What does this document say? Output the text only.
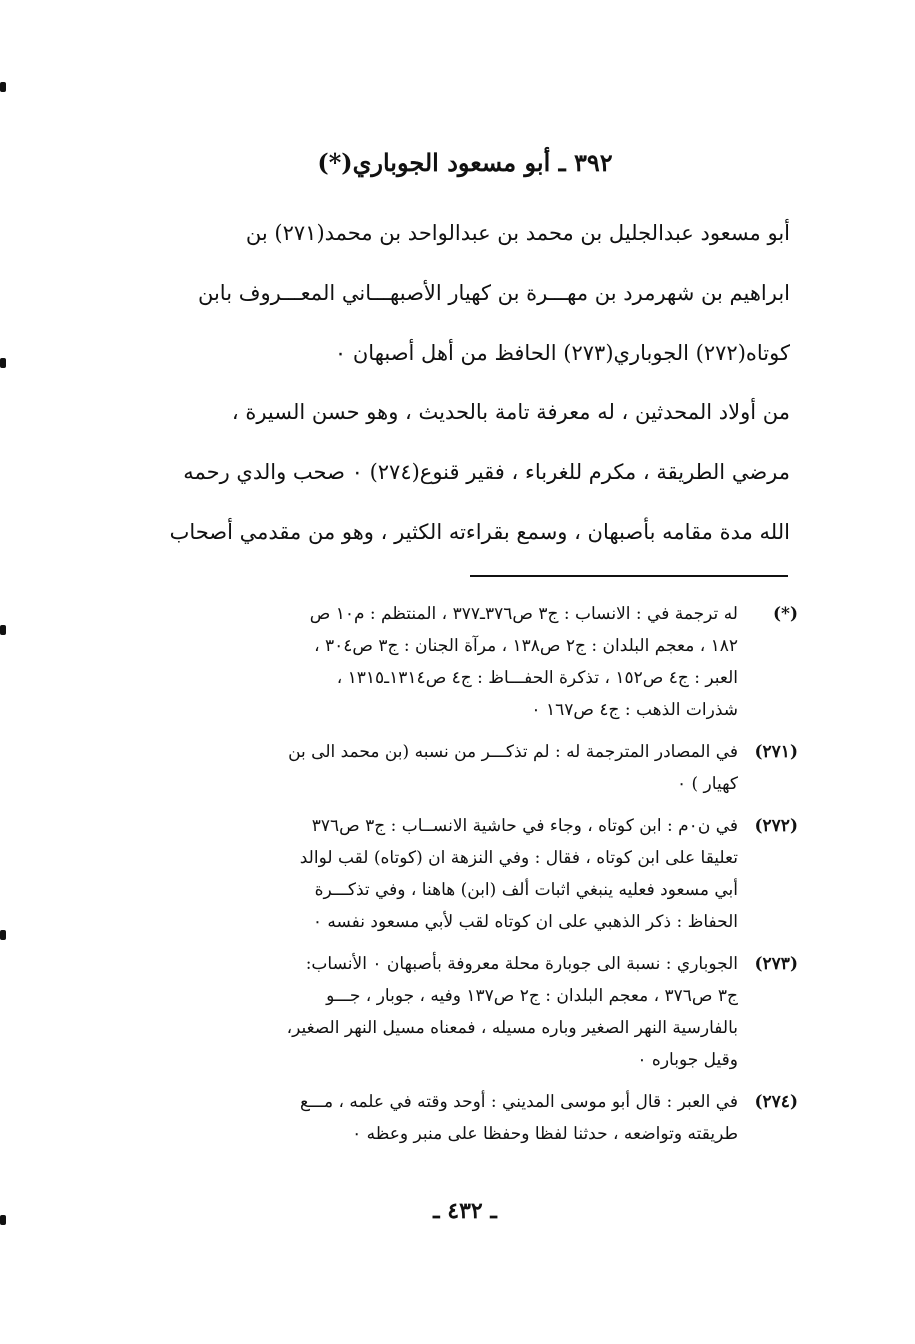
٣٩٢ ـ أبو مسعود الجوباري(*)
أبو مسعود عبدالجليل بن محمد بن عبدالواحد بن محمد(٢٧١) بن
ابراهيم بن شهرمرد بن مهـــرة بن كهيار الأصبهـــاني المعـــروف بابن
كوتاه(٢٧٢) الجوباري(٢٧٣) الحافظ من أهل أصبهان ٠
من أولاد المحدثين ، له معرفة تامة بالحديث ، وهو حسن السيرة ،
مرضي الطريقة ، مكرم للغرباء ، فقير قنوع(٢٧٤) ٠ صحب والدي رحمه
الله مدة مقامه بأصبهان ، وسمع بقراءته الكثير ، وهو من مقدمي أصحاب
(*)
له ترجمة في : الانساب : ج٣ ص٣٧٦ـ٣٧٧ ، المنتظم : م١٠ ص
١٨٢ ، معجم البلدان : ج٢ ص١٣٨ ، مرآة الجنان : ج٣ ص٣٠٤ ،
العبر : ج٤ ص١٥٢ ، تذكرة الحفـــاظ : ج٤ ص١٣١٤ـ١٣١٥ ،
شذرات الذهب : ج٤ ص١٦٧ ٠
(٢٧١)
في المصادر المترجمة له : لم تذكـــر من نسبه (بن محمد الى بن
كهيار ) ٠
(٢٧٢)
في ن٠م : ابن كوتاه ، وجاء في حاشية الانســاب : ج٣ ص٣٧٦
تعليقا على ابن كوتاه ، فقال : وفي النزهة ان (كوتاه) لقب لوالد
أبي مسعود فعليه ينبغي اثبات ألف (ابن) هاهنا ، وفي تذكـــرة
الحفاظ : ذكر الذهبي على ان كوتاه لقب لأبي مسعود نفسه ٠
(٢٧٣)
الجوباري : نسبة الى جوبارة محلة معروفة بأصبهان ٠ الأنساب:
ج٣ ص٣٧٦ ، معجم البلدان : ج٢ ص١٣٧ وفيه ، جوبار ، جـــو
بالفارسية النهر الصغير وباره مسيله ، فمعناه مسيل النهر الصغير،
وقيل جوباره ٠
(٢٧٤)
في العبر : قال أبو موسى المديني : أوحد وقته في علمه ، مـــع
طريقته وتواضعه ، حدثنا لفظا وحفظا على منبر وعظه ٠
ـ ٤٣٢ ـ
